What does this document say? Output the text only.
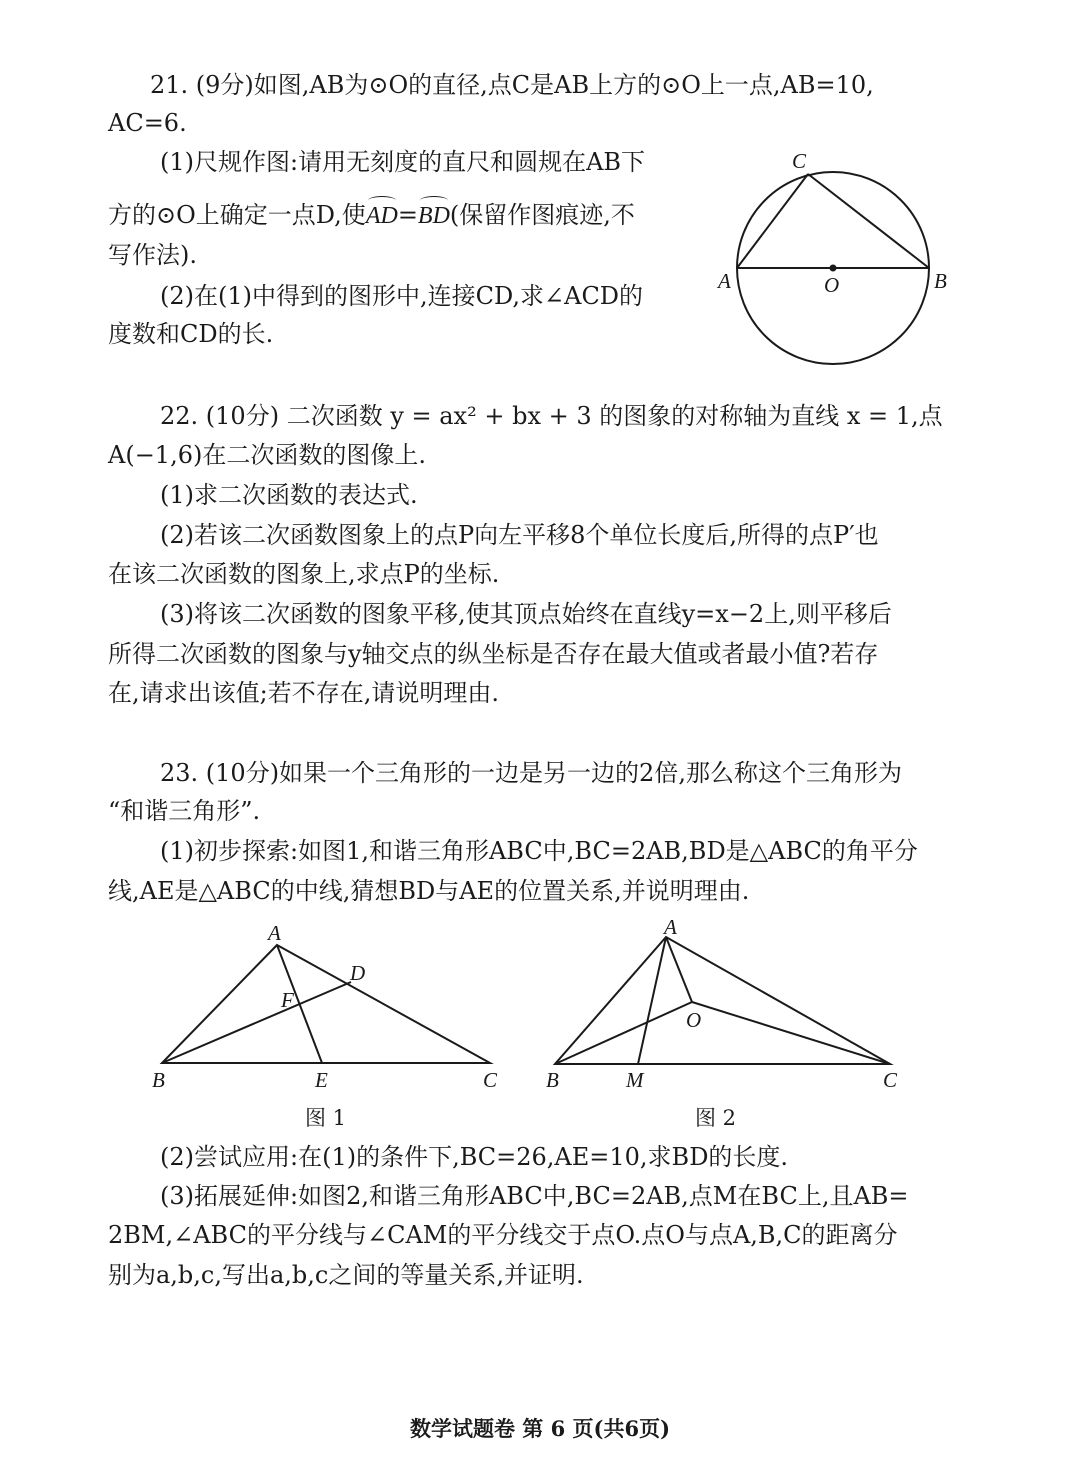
21. (9分)如图,AB为⊙O的直径,点C是AB上方的⊙O上一点,AB=10,
AC=6.
(1)尺规作图:请用无刻度的直尺和圆规在AB下
方的⊙O上确定一点D,使AD=BD(保留作图痕迹,不
写作法).
(2)在(1)中得到的图形中,连接CD,求∠ACD的
度数和CD的长.
C
A	O	B
22. (10分) 二次函数 y = ax² + bx + 3 的图象的对称轴为直线 x = 1,点
A(−1,6)在二次函数的图像上.
(1)求二次函数的表达式.
(2)若该二次函数图象上的点P向左平移8个单位长度后,所得的点P′也
在该二次函数的图象上,求点P的坐标.
(3)将该二次函数的图象平移,使其顶点始终在直线y=x−2上,则平移后
所得二次函数的图象与y轴交点的纵坐标是否存在最大值或者最小值?若存
在,请求出该值;若不存在,请说明理由.
23. (10分)如果一个三角形的一边是另一边的2倍,那么称这个三角形为
“和谐三角形”.
(1)初步探索:如图1,和谐三角形ABC中,BC=2AB,BD是△ABC的角平分
线,AE是△ABC的中线,猜想BD与AE的位置关系,并说明理由.
A
D
F
B	E	C
图 1
A
O
B	M	C
图 2
(2)尝试应用:在(1)的条件下,BC=26,AE=10,求BD的长度.
(3)拓展延伸:如图2,和谐三角形ABC中,BC=2AB,点M在BC上,且AB=
2BM,∠ABC的平分线与∠CAM的平分线交于点O.点O与点A,B,C的距离分
别为a,b,c,写出a,b,c之间的等量关系,并证明.
数学试题卷 第 6 页(共6页)
